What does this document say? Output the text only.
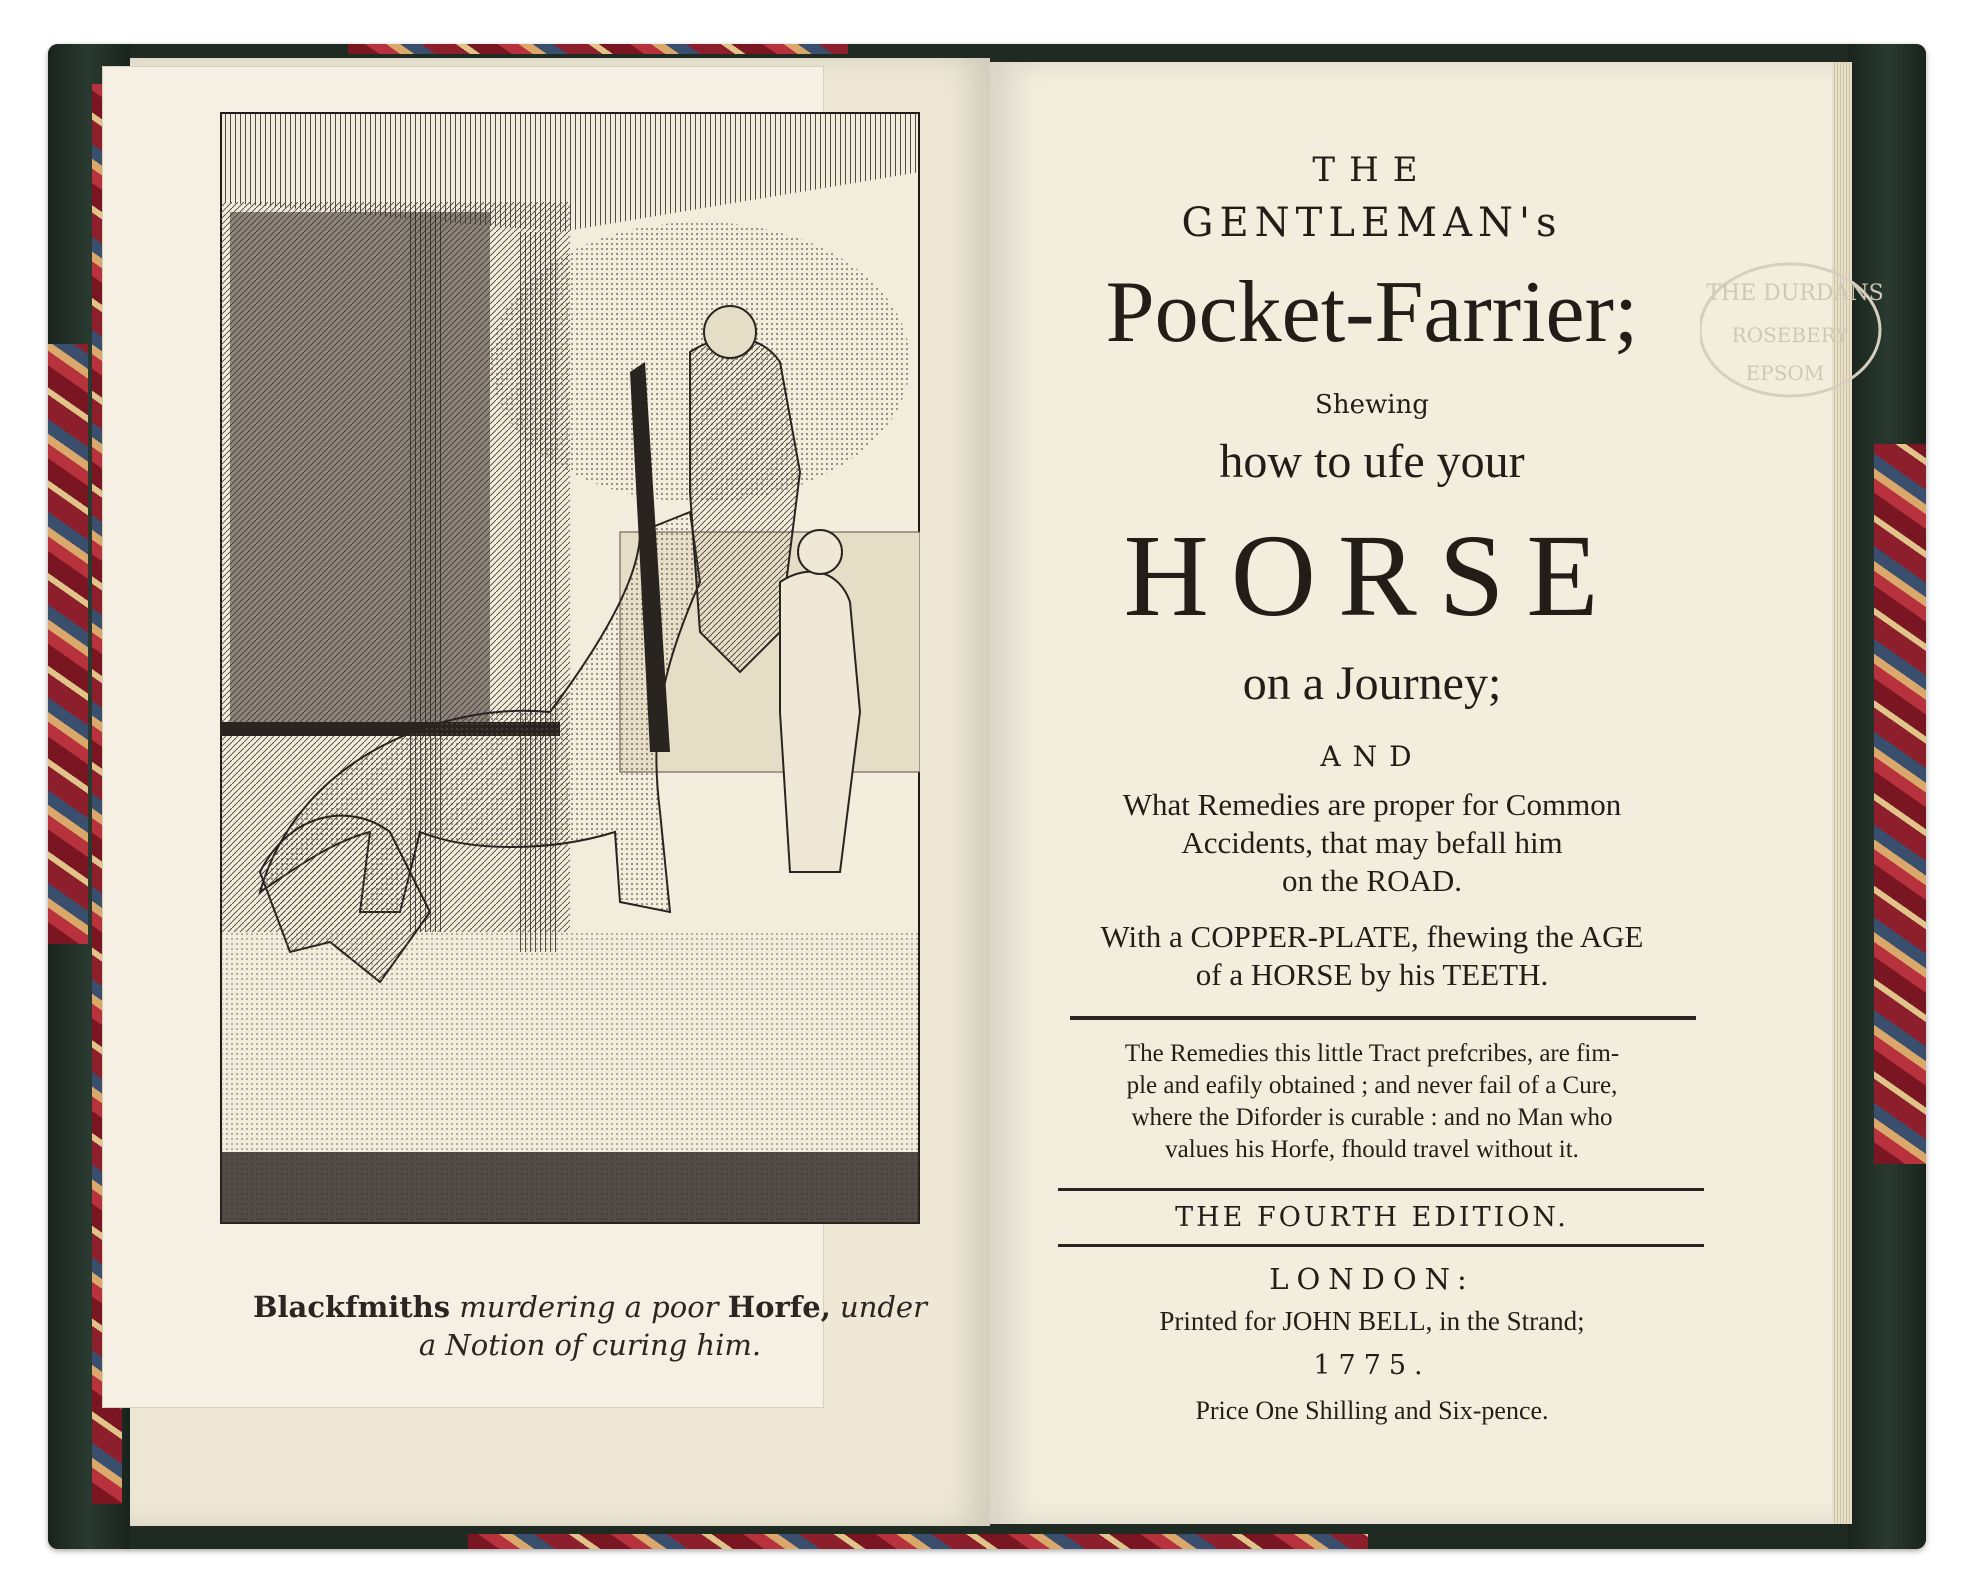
Blackfmiths murdering a poor Horfe, under
a Notion of curing him.
THE DURDANS
ROSEBERY
EPSOM
THE
GENTLEMAN's
Pocket-Farrier;
Shewing
how to ufe your
HORSE
on a Journey;
AND
What Remedies are proper for Common
Accidents, that may befall him
on the ROAD.
With a COPPER-PLATE, fhewing the AGE
of a HORSE by his TEETH.
The Remedies this little Tract prefcribes, are fim-
ple and eafily obtained ; and never fail of a Cure,
where the Diforder is curable : and no Man who
values his Horfe, fhould travel without it.
THE FOURTH EDITION.
LONDON:
Printed for JOHN BELL, in the Strand;
1775.
Price One Shilling and Six-pence.
